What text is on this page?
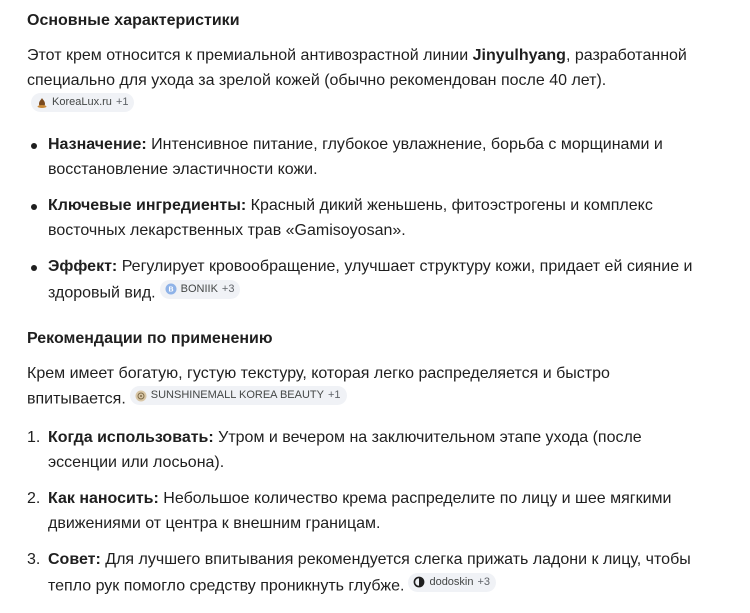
Основные характеристики

Этот крем относится к премиальной антивозрастной линии Jinyulhyang, разработанной специально для ухода за зрелой кожей (обычно рекомендован после 40 лет).
KoreaLux.ru +1

Назначение: Интенсивное питание, глубокое увлажнение, борьба с морщинами и восстановление эластичности кожи.
Ключевые ингредиенты: Красный дикий женьшень, фитоэстрогены и комплекс восточных лекарственных трав «Gamisoyosan».
Эффект: Регулирует кровообращение, улучшает структуру кожи, придает ей сияние и здоровый вид. B BONIIK +3
Рекомендации по применению

Крем имеет богатую, густую текстуру, которая легко распределяется и быстро впитывается. SUNSHINEMALL KOREA BEAUTY +1

1. Когда использовать: Утром и вечером на заключительном этапе ухода (после эссенции или лосьона).
2. Как наносить: Небольшое количество крема распределите по лицу и шее мягкими движениями от центра к внешним границам.
3. Совет: Для лучшего впитывания рекомендуется слегка прижать ладони к лицу, чтобы тепло рук помогло средству проникнуть глубже. dodoskin +3
